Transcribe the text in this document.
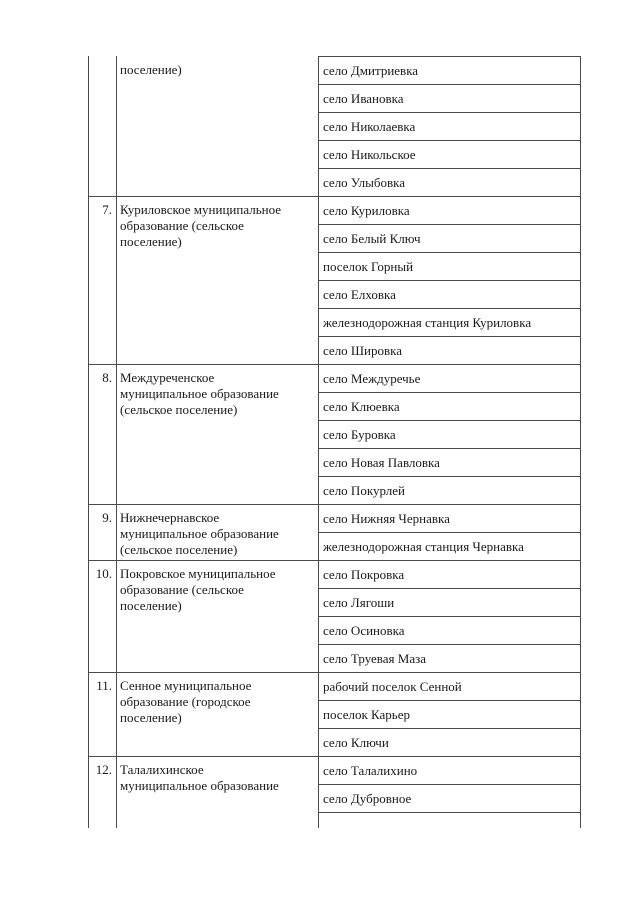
поселение)	село Дмитриевка
село Ивановка
село Николаевка
село Никольское
село Улыбовка
7. Куриловское муниципальное
образование (сельское
поселение)
село Куриловка
село Белый Ключ
поселок Горный
село Елховка
железнодорожная станция Куриловка
село Шировка
8. Междуреченское
муниципальное образование
(сельское поселение)
село Междуречье
село Клюевка
село Буровка
село Новая Павловка
село Покурлей
9. Нижнечернавское
муниципальное образование
(сельское поселение)
село Нижняя Чернавка
железнодорожная станция Чернавка
10. Покровское муниципальное
образование (сельское
поселение)
село Покровка
село Лягоши
село Осиновка
село Труевая Маза
11. Сенное муниципальное
образование (городское
поселение)
рабочий поселок Сенной
поселок Карьер
село Ключи
12. Талалихинское
муниципальное образование
село Талалихино
село Дубровное
